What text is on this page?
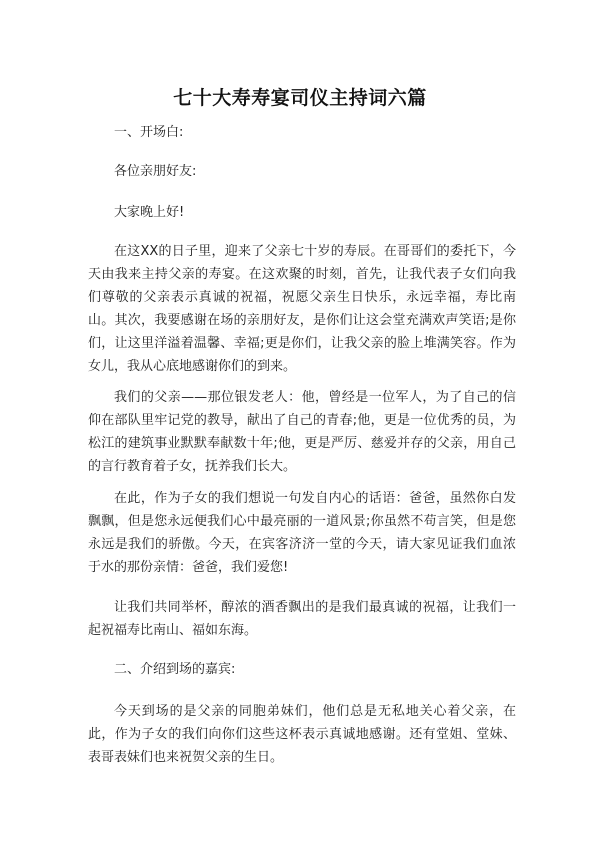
七十大寿寿宴司仪主持词六篇

一、开场白:

各位亲朋好友:

大家晚上好!

在这XX的日子里，迎来了父亲七十岁的寿辰。在哥哥们的委托下，今天由我来主持父亲的寿宴。在这欢聚的时刻，首先，让我代表子女们向我们尊敬的父亲表示真诚的祝福，祝愿父亲生日快乐，永远幸福，寿比南山。其次，我要感谢在场的亲朋好友，是你们让这会堂充满欢声笑语;是你们，让这里洋溢着温馨、幸福;更是你们，让我父亲的脸上堆满笑容。作为女儿，我从心底地感谢你们的到来。

我们的父亲——那位银发老人：他，曾经是一位军人，为了自己的信仰在部队里牢记党的教导，献出了自己的青春;他，更是一位优秀的员，为松江的建筑事业默默奉献数十年;他，更是严厉、慈爱并存的父亲，用自己的言行教育着子女，抚养我们长大。

在此，作为子女的我们想说一句发自内心的话语：爸爸，虽然你白发飘飘，但是您永远便我们心中最亮丽的一道风景;你虽然不苟言笑，但是您永远是我们的骄傲。今天，在宾客济济一堂的今天，请大家见证我们血浓于水的那份亲情：爸爸，我们爱您!

让我们共同举杯，醇浓的酒香飘出的是我们最真诚的祝福，让我们一起祝福寿比南山、福如东海。

二、介绍到场的嘉宾:

今天到场的是父亲的同胞弟妹们，他们总是无私地关心着父亲，在此，作为子女的我们向你们这些这杯表示真诚地感谢。还有堂姐、堂妹、表哥表妹们也来祝贺父亲的生日。
